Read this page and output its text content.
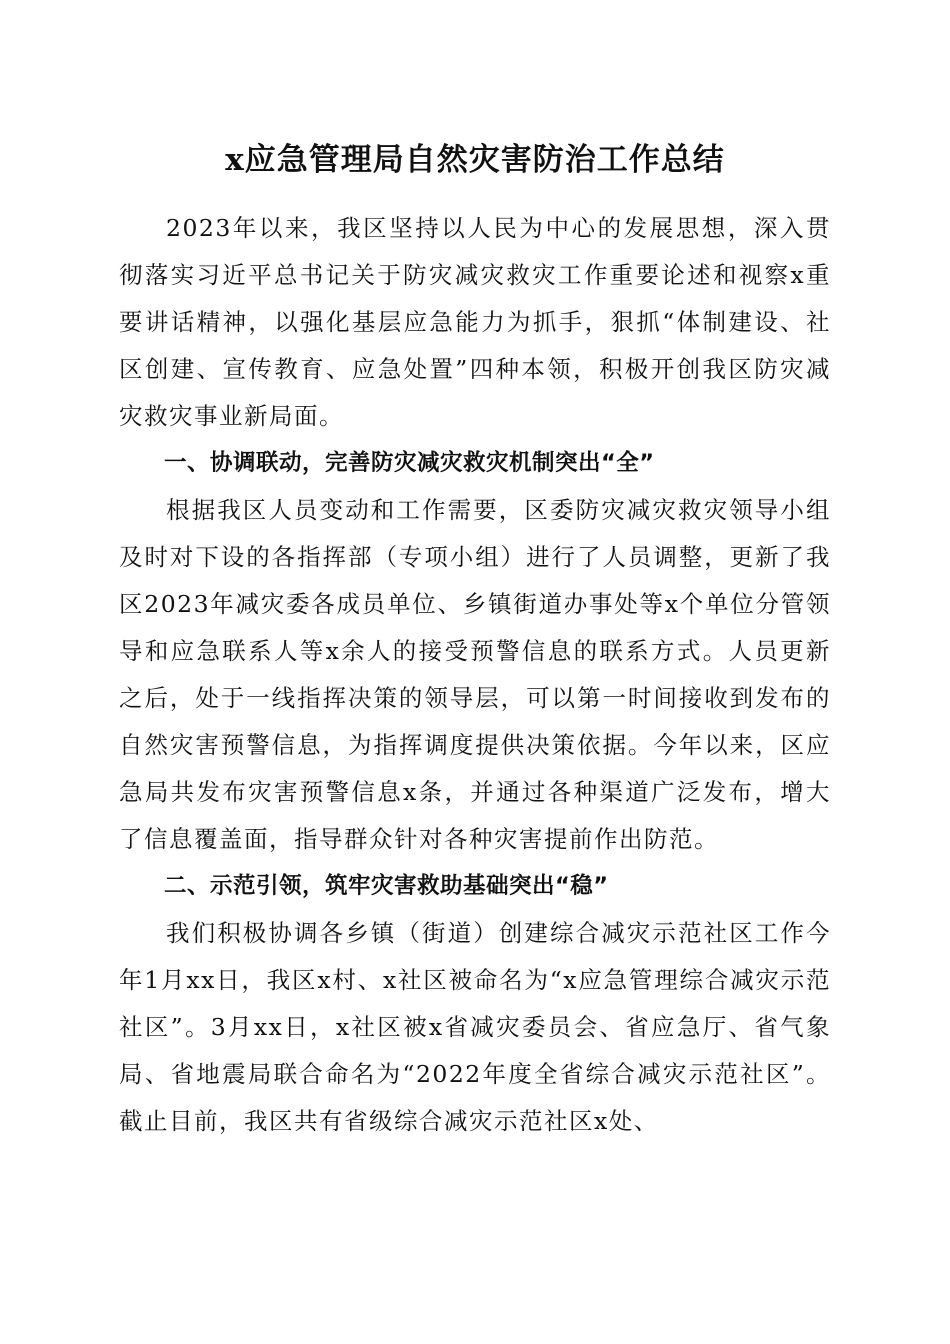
x应急管理局自然灾害防治工作总结

2023年以来，我区坚持以人民为中心的发展思想，深入贯彻落实习近平总书记关于防灾减灾救灾工作重要论述和视察x重要讲话精神，以强化基层应急能力为抓手，狠抓“体制建设、社区创建、宣传教育、应急处置”四种本领，积极开创我区防灾减灾救灾事业新局面。

一、协调联动，完善防灾减灾救灾机制突出“全”

根据我区人员变动和工作需要，区委防灾减灾救灾领导小组及时对下设的各指挥部（专项小组）进行了人员调整，更新了我区2023年减灾委各成员单位、乡镇街道办事处等x个单位分管领导和应急联系人等x余人的接受预警信息的联系方式。人员更新之后，处于一线指挥决策的领导层，可以第一时间接收到发布的自然灾害预警信息，为指挥调度提供决策依据。今年以来，区应急局共发布灾害预警信息x条，并通过各种渠道广泛发布，增大了信息覆盖面，指导群众针对各种灾害提前作出防范。

二、示范引领，筑牢灾害救助基础突出“稳”

我们积极协调各乡镇（街道）创建综合减灾示范社区工作今年1月xx日，我区x村、x社区被命名为“x应急管理综合减灾示范社区”。3月xx日，x社区被x省减灾委员会、省应急厅、省气象局、省地震局联合命名为“2022年度全省综合减灾示范社区”。截止目前，我区共有省级综合减灾示范社区x处、
